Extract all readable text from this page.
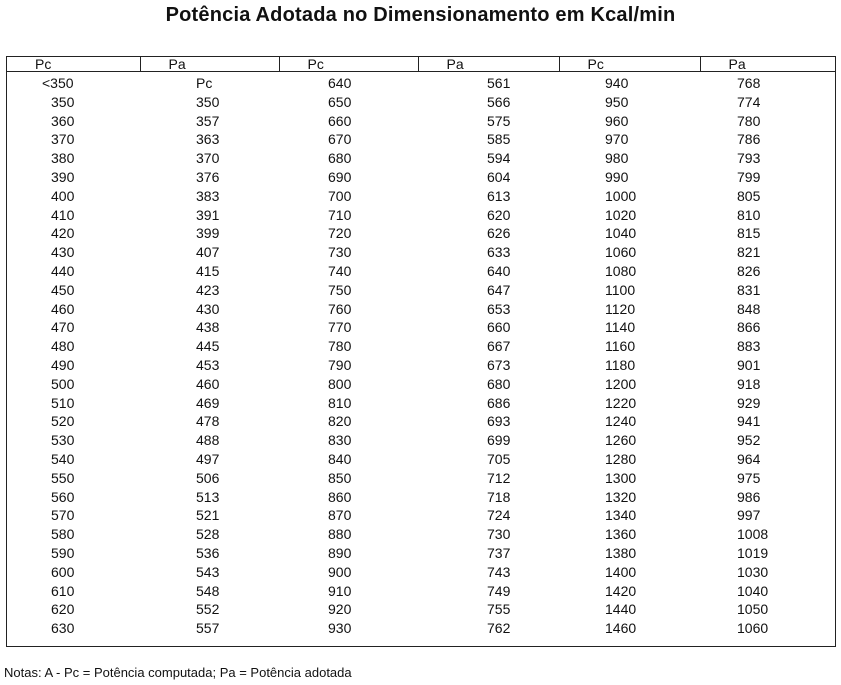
Potência Adotada no Dimensionamento em Kcal/min
Pc	Pa	Pc	Pa	Pc	Pa
<350	Pc	640	561	940	768
350	350	650	566	950	774
360	357	660	575	960	780
370	363	670	585	970	786
380	370	680	594	980	793
390	376	690	604	990	799
400	383	700	613	1000	805
410	391	710	620	1020	810
420	399	720	626	1040	815
430	407	730	633	1060	821
440	415	740	640	1080	826
450	423	750	647	1100	831
460	430	760	653	1120	848
470	438	770	660	1140	866
480	445	780	667	1160	883
490	453	790	673	1180	901
500	460	800	680	1200	918
510	469	810	686	1220	929
520	478	820	693	1240	941
530	488	830	699	1260	952
540	497	840	705	1280	964
550	506	850	712	1300	975
560	513	860	718	1320	986
570	521	870	724	1340	997
580	528	880	730	1360	1008
590	536	890	737	1380	1019
600	543	900	743	1400	1030
610	548	910	749	1420	1040
620	552	920	755	1440	1050
630	557	930	762	1460	1060
Notas: A - Pc = Potência computada; Pa = Potência adotada
